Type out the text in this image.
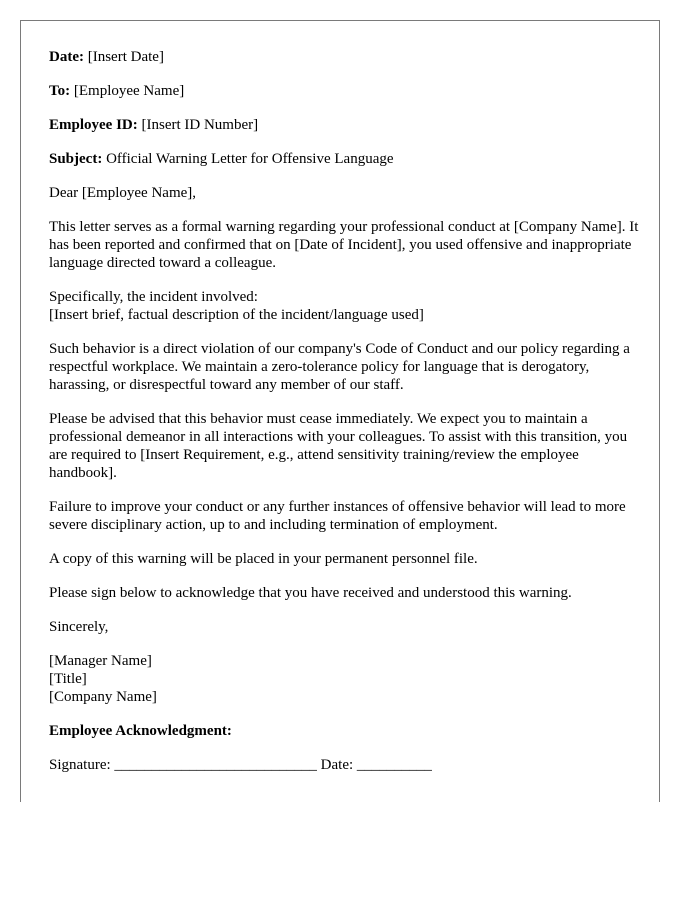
Date: [Insert Date]

To: [Employee Name]

Employee ID: [Insert ID Number]

Subject: Official Warning Letter for Offensive Language

Dear [Employee Name],

This letter serves as a formal warning regarding your professional conduct at [Company Name]. It has been reported and confirmed that on [Date of Incident], you used offensive and inappropriate language directed toward a colleague.

Specifically, the incident involved:
[Insert brief, factual description of the incident/language used]

Such behavior is a direct violation of our company's Code of Conduct and our policy regarding a respectful workplace. We maintain a zero-tolerance policy for language that is derogatory, harassing, or disrespectful toward any member of our staff.

Please be advised that this behavior must cease immediately. We expect you to maintain a professional demeanor in all interactions with your colleagues. To assist with this transition, you are required to [Insert Requirement, e.g., attend sensitivity training/review the employee handbook].

Failure to improve your conduct or any further instances of offensive behavior will lead to more severe disciplinary action, up to and including termination of employment.

A copy of this warning will be placed in your permanent personnel file.

Please sign below to acknowledge that you have received and understood this warning.

Sincerely,

[Manager Name]
[Title]
[Company Name]

Employee Acknowledgment:

Signature: ___________________________ Date: __________
